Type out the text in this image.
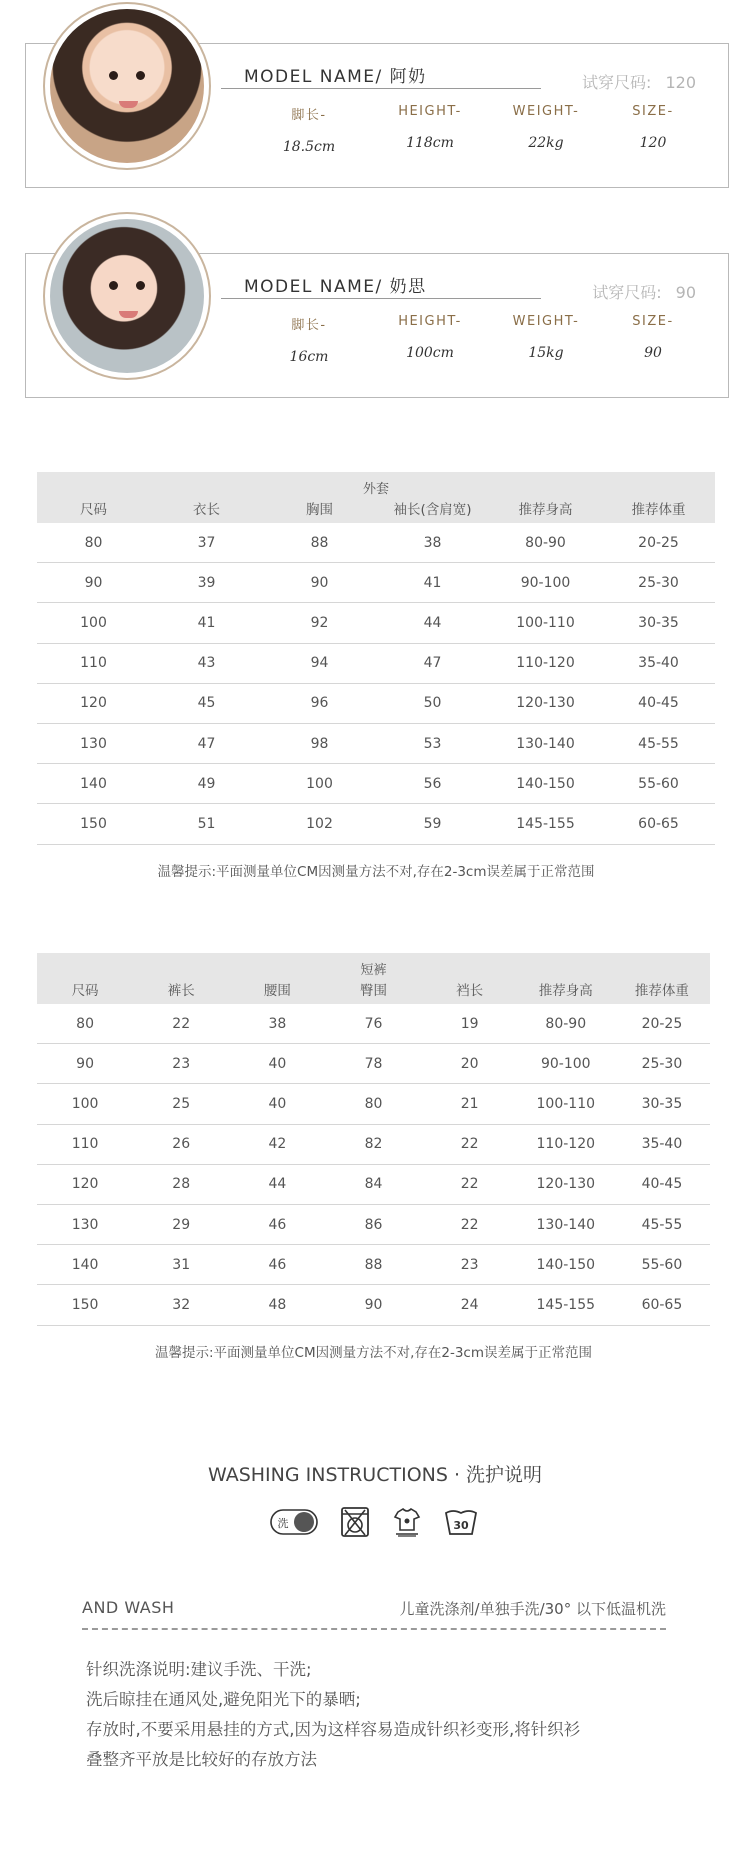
MODEL NAME/ 阿奶	试穿尺码: 120
脚长-
18.5cm
HEIGHT-
118cm
WEIGHT-
22kg
SIZE-
120
MODEL NAME/ 奶思	试穿尺码: 90
脚长-
16cm
HEIGHT-
100cm
WEIGHT-
15kg
SIZE-
90
外套
尺码	衣长	胸围	袖长(含肩宽)	推荐身高	推荐体重
80	37	88	38	80-90	20-25
90	39	90	41	90-100	25-30
100	41	92	44	100-110	30-35
110	43	94	47	110-120	35-40
120	45	96	50	120-130	40-45
130	47	98	53	130-140	45-55
140	49	100	56	140-150	55-60
150	51	102	59	145-155	60-65
温馨提示:平面测量单位CM因测量方法不对,存在2-3cm误差属于正常范围
短裤
尺码	裤长	腰围	臀围	裆长	推荐身高	推荐体重
80	22	38	76	19	80-90	20-25
90	23	40	78	20	90-100	25-30
100	25	40	80	21	100-110	30-35
110	26	42	82	22	110-120	35-40
120	28	44	84	22	120-130	40-45
130	29	46	86	22	130-140	45-55
140	31	46	88	23	140-150	55-60
150	32	48	90	24	145-155	60-65
温馨提示:平面测量单位CM因测量方法不对,存在2-3cm误差属于正常范围
WASHING INSTRUCTIONS · 洗护说明
洗	30
AND WASH	儿童洗涤剂/单独手洗/30° 以下低温机洗

针织洗涤说明:建议手洗、干洗;

洗后晾挂在通风处,避免阳光下的暴晒;

存放时,不要采用悬挂的方式,因为这样容易造成针织衫变形,将针织衫

叠整齐平放是比较好的存放方法
